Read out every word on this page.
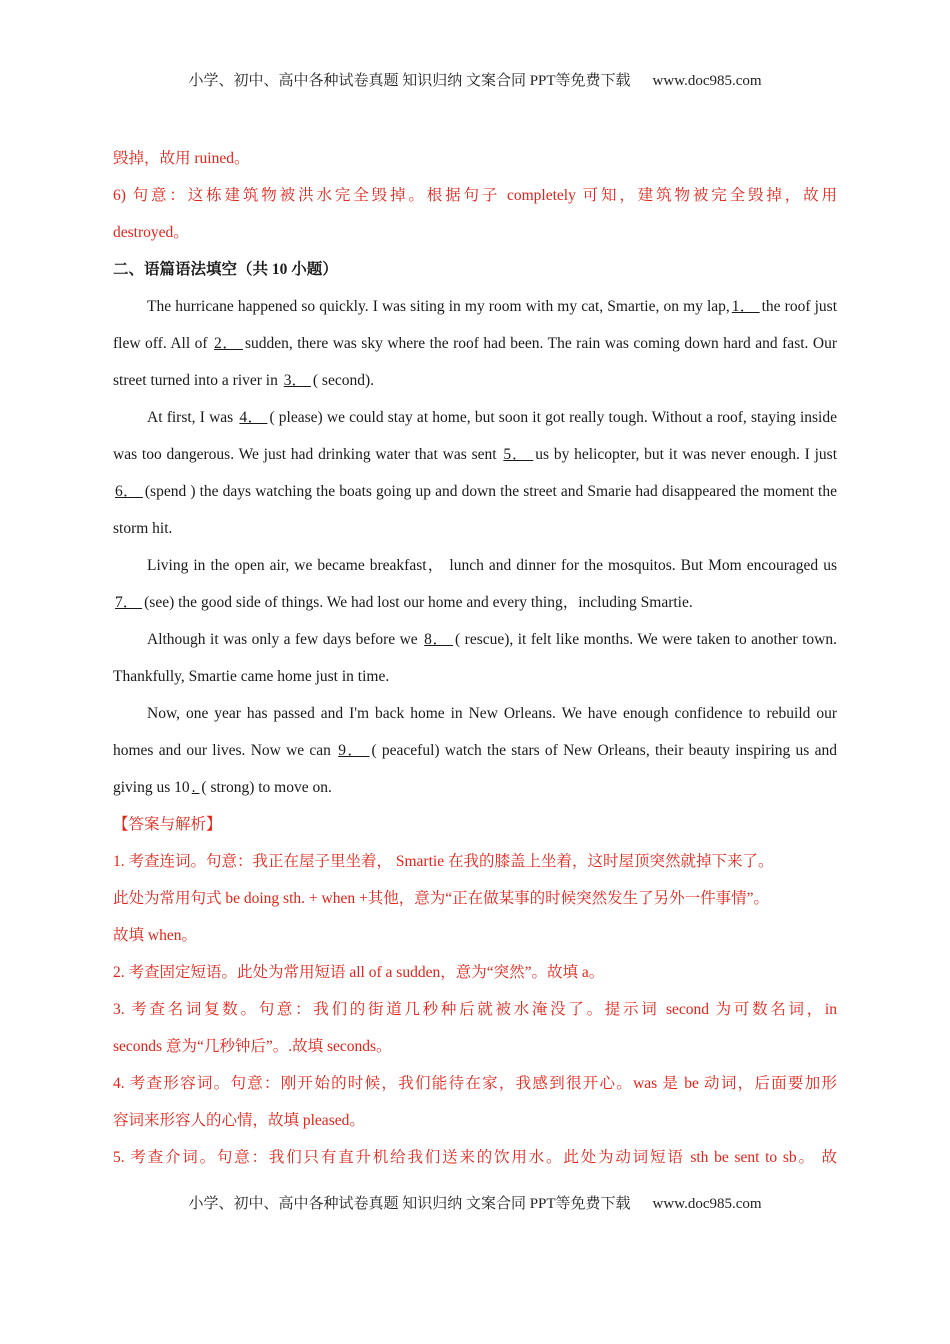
小学、初中、高中各种试卷真题 知识归纳 文案合同 PPT等免费下载 www.doc985.com
毁掉，故用 ruined。
6) 句意：这栋建筑物被洪水完全毁掉。根据句子 completely 可知，建筑物被完全毁掉，故用
destroyed。
二、语篇语法填空（共 10 小题）

The hurricane happened so quickly. I was siting in my room with my cat, Smartie, on my lap, 1． the roof just flew off. All of 2． sudden, there was sky where the roof had been. The rain was coming down hard and fast. Our street turned into a river in 3． ( second).

At first, I was 4． ( please) we could stay at home, but soon it got really tough. Without a roof, staying inside was too dangerous. We just had drinking water that was sent 5． us by helicopter, but it was never enough. I just 6． (spend ) the days watching the boats going up and down the street and Smarie had disappeared the moment the storm hit.

Living in the open air, we became breakfast， lunch and dinner for the mosquitos. But Mom encouraged us 7． (see) the good side of things. We had lost our home and every thing，including Smartie.

Although it was only a few days before we 8． ( rescue), it felt like months. We were taken to another town. Thankfully, Smartie came home just in time.

Now, one year has passed and I'm back home in New Orleans. We have enough confidence to rebuild our homes and our lives. Now we can 9． ( peaceful) watch the stars of New Orleans, their beauty inspiring us and giving us 10 . ( strong) to move on.

【答案与解析】
1. 考查连词。句意：我正在屋子里坐着， Smartie 在我的膝盖上坐着，这时屋顶突然就掉下来了。
此处为常用句式 be doing sth. + when +其他，意为“正在做某事的时候突然发生了另外一件事情”。
故填 when。
2. 考查固定短语。此处为常用短语 all of a sudden，意为“突然”。故填 a。
3. 考查名词复数。句意：我们的街道几秒种后就被水淹没了。提示词 second 为可数名词，in
seconds 意为“几秒钟后”。.故填 seconds。
4. 考查形容词。句意：刚开始的时候，我们能待在家，我感到很开心。was 是 be 动词，后面要加形
容词来形容人的心情，故填 pleased。
5. 考查介词。句意：我们只有直升机给我们送来的饮用水。此处为动词短语 sth be sent to sb。 故
小学、初中、高中各种试卷真题 知识归纳 文案合同 PPT等免费下载 www.doc985.com
